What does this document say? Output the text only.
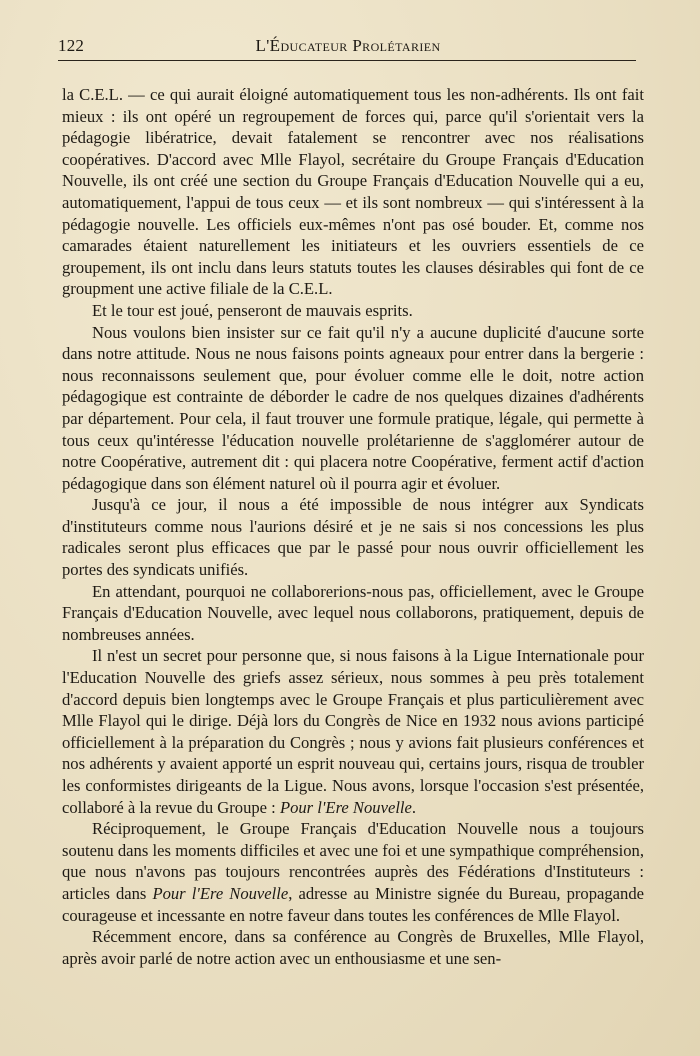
122	L'Éducateur Prolétarien

la C.E.L. — ce qui aurait éloigné automatiquement tous les non-adhérents. Ils ont fait mieux : ils ont opéré un regroupement de forces qui, parce qu'il s'orientait vers la pédagogie libératrice, devait fatalement se rencontrer avec nos réalisations coopératives. D'accord avec Mlle Flayol, secrétaire du Groupe Français d'Education Nouvelle, ils ont créé une section du Groupe Français d'Education Nouvelle qui a eu, automatiquement, l'appui de tous ceux — et ils sont nombreux — qui s'intéressent à la pédagogie nouvelle. Les officiels eux-mêmes n'ont pas osé bouder. Et, comme nos camarades étaient naturellement les initiateurs et les ouvriers essentiels de ce groupement, ils ont inclu dans leurs statuts toutes les clauses désirables qui font de ce groupment une active filiale de la C.E.L.

Et le tour est joué, penseront de mauvais esprits.

Nous voulons bien insister sur ce fait qu'il n'y a aucune duplicité d'aucune sorte dans notre attitude. Nous ne nous faisons points agneaux pour entrer dans la bergerie : nous reconnaissons seulement que, pour évoluer comme elle le doit, notre action pédagogique est contrainte de déborder le cadre de nos quelques dizaines d'adhérents par département. Pour cela, il faut trouver une formule pratique, légale, qui permette à tous ceux qu'intéresse l'éducation nouvelle prolétarienne de s'agglomérer autour de notre Coopérative, autrement dit : qui placera notre Coopérative, ferment actif d'action pédagogique dans son élément naturel où il pourra agir et évoluer.

Jusqu'à ce jour, il nous a été impossible de nous intégrer aux Syndicats d'instituteurs comme nous l'aurions désiré et je ne sais si nos concessions les plus radicales seront plus efficaces que par le passé pour nous ouvrir officiellement les portes des syndicats unifiés.

En attendant, pourquoi ne collaborerions-nous pas, officiellement, avec le Groupe Français d'Education Nouvelle, avec lequel nous collaborons, pratiquement, depuis de nombreuses années.

Il n'est un secret pour personne que, si nous faisons à la Ligue Internationale pour l'Education Nouvelle des griefs assez sérieux, nous sommes à peu près totalement d'accord depuis bien longtemps avec le Groupe Français et plus particulièrement avec Mlle Flayol qui le dirige. Déjà lors du Congrès de Nice en 1932 nous avions participé officiellement à la préparation du Congrès ; nous y avions fait plusieurs conférences et nos adhérents y avaient apporté un esprit nouveau qui, certains jours, risqua de troubler les conformistes dirigeants de la Ligue. Nous avons, lorsque l'occasion s'est présentée, collaboré à la revue du Groupe : Pour l'Ere Nouvelle.

Réciproquement, le Groupe Français d'Education Nouvelle nous a toujours soutenu dans les moments difficiles et avec une foi et une sympathique compréhension, que nous n'avons pas toujours rencontrées auprès des Fédérations d'Instituteurs : articles dans Pour l'Ere Nouvelle, adresse au Ministre signée du Bureau, propagande courageuse et incessante en notre faveur dans toutes les conférences de Mlle Flayol.

Récemment encore, dans sa conférence au Congrès de Bruxelles, Mlle Flayol, après avoir parlé de notre action avec un enthousiasme et une sen-
